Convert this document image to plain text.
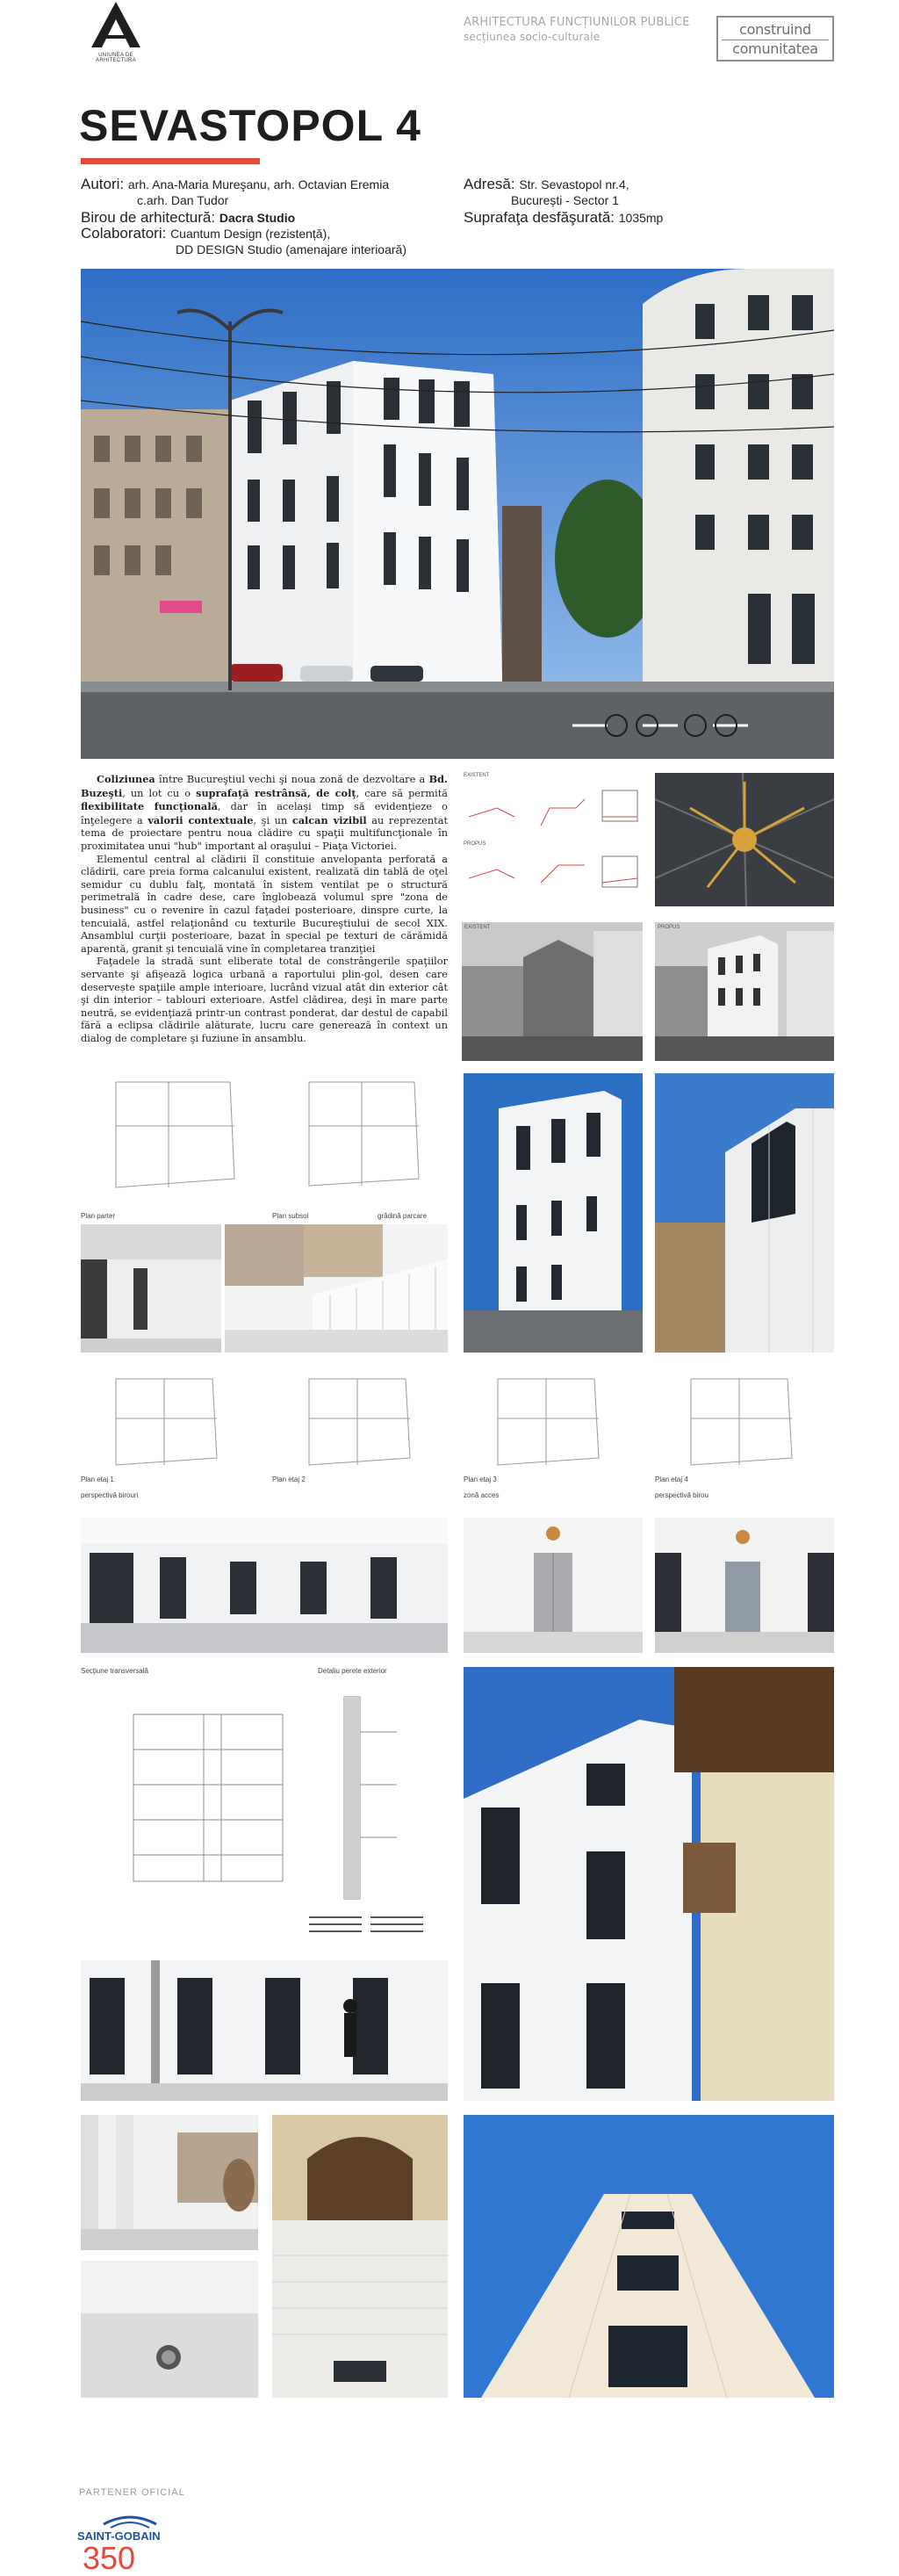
UNIUNEA DE ARHITECTURA
ARHITECTURA FUNCȚIUNILOR PUBLICE
secțiunea socio-culturale	construind
comunitatea
SEVASTOPOL 4
Autori: arh. Ana-Maria Mureşanu, arh. Octavian Eremia
c.arh. Dan Tudor
Birou de arhitectură: Dacra Studio
Colaboratori: Cuantum Design (rezistență),
DD DESIGN Studio (amenajare interioară)
Adresă: Str. Sevastopol nr.4,
București - Sector 1
Suprafaţa desfăşurată: 1035mp

Coliziunea între Bucureştiul vechi şi noua zonă de dezvoltare a Bd. Buzeşti, un lot cu o suprafaţă restrânsă, de colţ, care să permită flexibilitate funcţională, dar în acelaşi timp să evidenţieze o înţelegere a valorii contextuale, şi un calcan vizibil au reprezentat tema de proiectare pentru noua clădire cu spaţii multifuncţionale în proximitatea unui "hub" important al oraşului – Piaţa Victoriei.

Elementul central al clădirii îl constituie anvelopanta perforată a clădirii, care preia forma calcanului existent, realizată din tablă de oţel semidur cu dublu falţ, montată în sistem ventilat pe o structură perimetrală în cadre dese, care înglobează volumul spre "zona de business" cu o revenire în cazul faţadei posterioare, dinspre curte, la tencuială, astfel relaţionând cu texturile Bucureştiului de secol XIX. Ansamblul curţii posterioare, bazat în special pe texturi de cărămidă aparentă, granit şi tencuială vine în completarea tranziţiei

Faţadele la stradă sunt eliberate total de constrângerile spaţiilor servante şi afişează logica urbană a raportului plin-gol, desen care deservește spaţiile ample interioare, lucrând vizual atât din exterior cât şi din interior – tablouri exterioare. Astfel clădirea, deşi în mare parte neutră, se evidenţiază printr-un contrast ponderat, dar destul de capabil fără a eclipsa clădirile alăturate, lucru care generează în context un dialog de completare şi fuziune în ansamblu.

EXISTENT
PROPUS
EXISTENT	PROPUS
Plan parter	Plan subsol	grădină parcare
Plan etaj 1	Plan etaj 2	Plan etaj 3	Plan etaj 4
perspectivă birouri	zonă acces	perspectivă birou
Secțiune transversală	Detaliu perete exterior
PARTENER OFICIAL
SAINT-GOBAIN
350
